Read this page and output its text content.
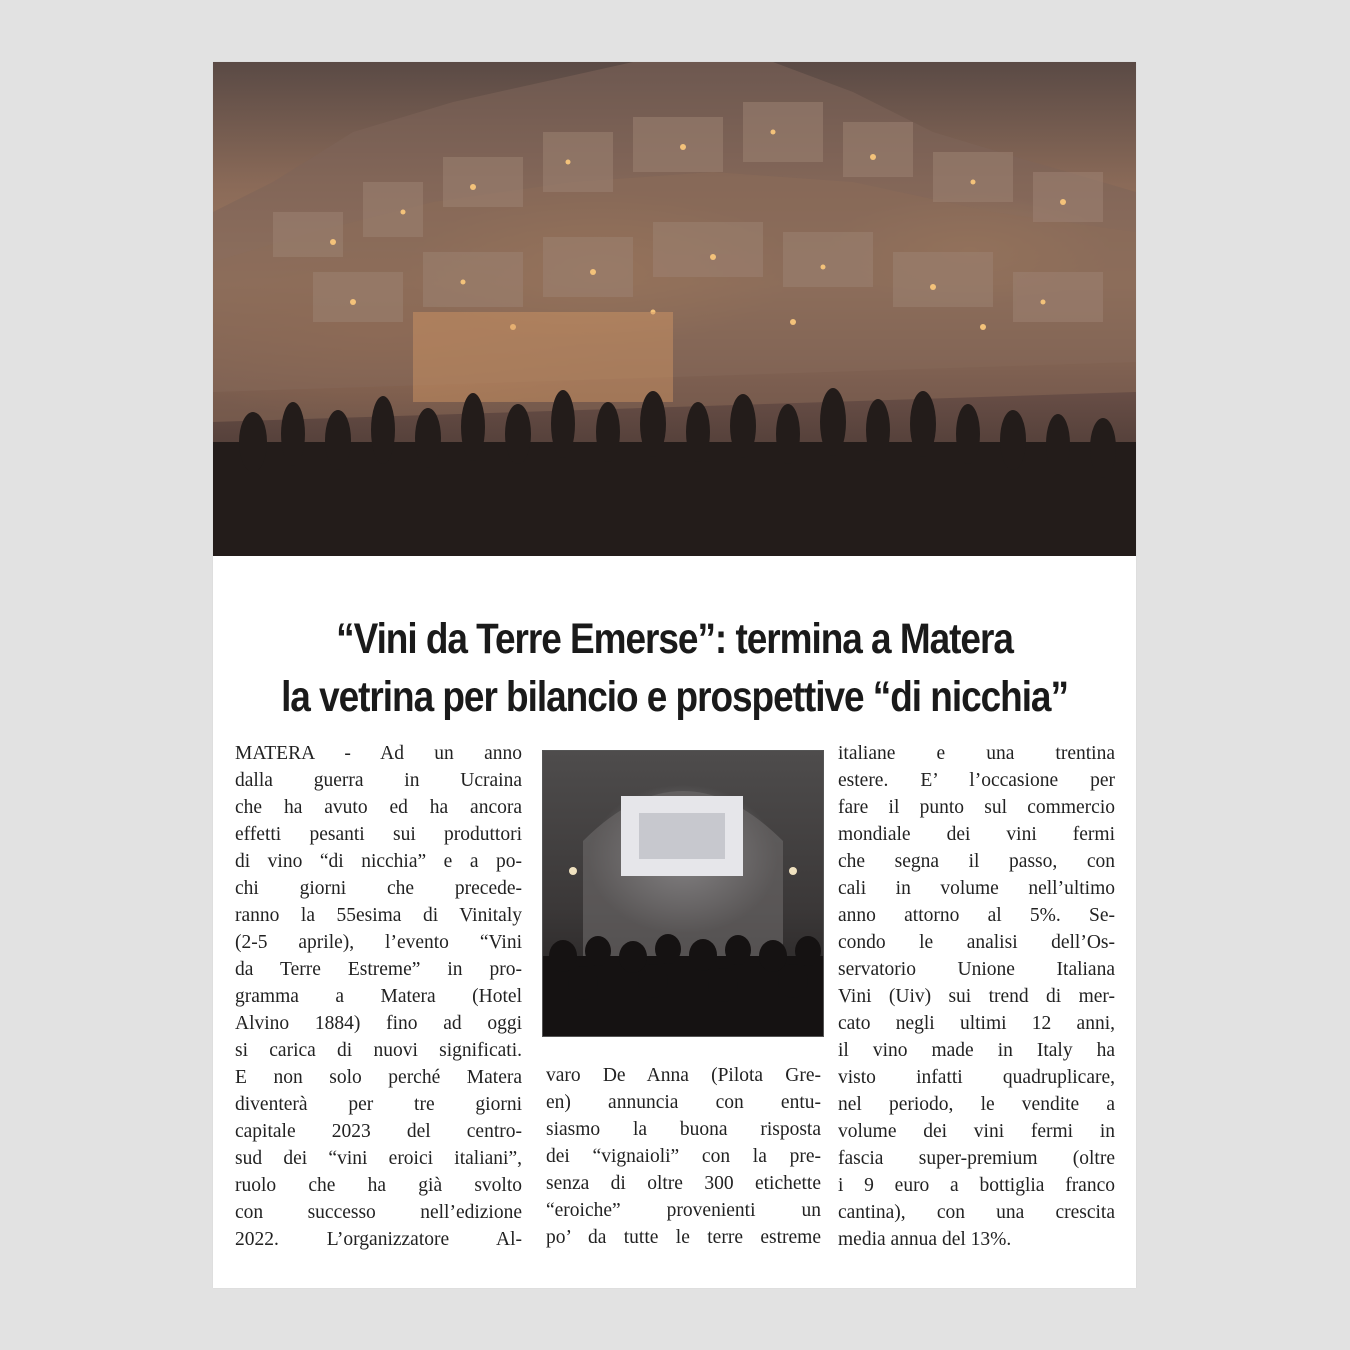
“Vini da Terre Emerse”: termina a Matera
la vetrina per bilancio e prospettive “di nicchia”
MATERA - Ad un anno
dalla guerra in Ucraina
che ha avuto ed ha ancora
effetti pesanti sui produttori
di vino “di nicchia” e a po-
chi giorni che precede-
ranno la 55esima di Vinitaly
(2-5 aprile), l’evento “Vini
da Terre Estreme” in pro-
gramma a Matera (Hotel
Alvino 1884) fino ad oggi
si carica di nuovi significati.
E non solo perché Matera
diventerà per tre giorni
capitale 2023 del centro-
sud dei “vini eroici italiani”,
ruolo che ha già svolto
con successo nell’edizione
2022. L’organizzatore Al-
varo De Anna (Pilota Gre-
en) annuncia con entu-
siasmo la buona risposta
dei “vignaioli” con la pre-
senza di oltre 300 etichette
“eroiche” provenienti un
po’ da tutte le terre estreme
italiane e una trentina
estere. E’ l’occasione per
fare il punto sul commercio
mondiale dei vini fermi
che segna il passo, con
cali in volume nell’ultimo
anno attorno al 5%. Se-
condo le analisi dell’Os-
servatorio Unione Italiana
Vini (Uiv) sui trend di mer-
cato negli ultimi 12 anni,
il vino made in Italy ha
visto infatti quadruplicare,
nel periodo, le vendite a
volume dei vini fermi in
fascia super-premium (oltre
i 9 euro a bottiglia franco
cantina), con una crescita
media annua del 13%.
